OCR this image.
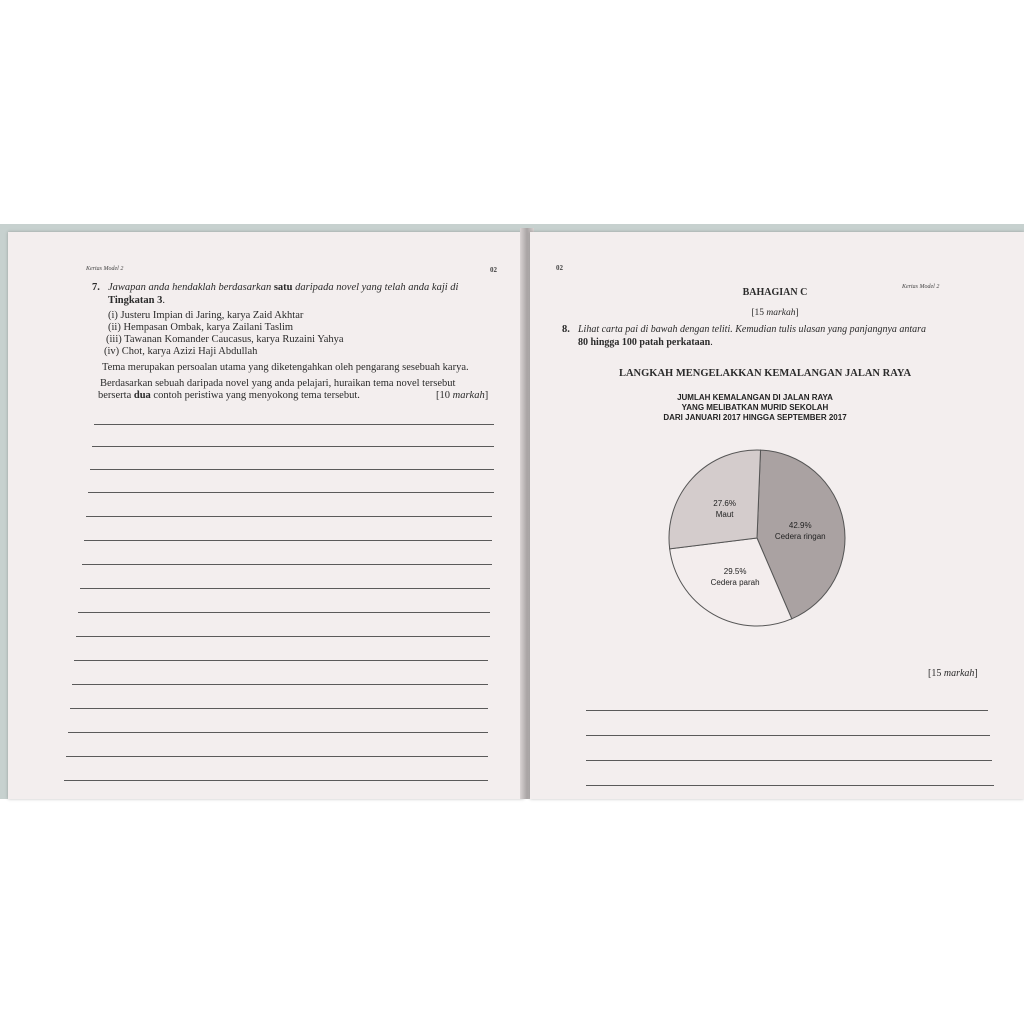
Kertas Model 2	02
7. Jawapan anda hendaklah berdasarkan satu daripada novel yang telah anda kaji di
Tingkatan 3.
(i) Justeru Impian di Jaring, karya Zaid Akhtar
(ii) Hempasan Ombak, karya Zailani Taslim
(iii) Tawanan Komander Caucasus, karya Ruzaini Yahya
(iv) Chot, karya Azizi Haji Abdullah
Tema merupakan persoalan utama yang diketengahkan oleh pengarang sesebuah karya.
Berdasarkan sebuah daripada novel yang anda pelajari, huraikan tema novel tersebut
berserta dua contoh peristiwa yang menyokong tema tersebut.	[10 markah]
02
Kertas Model 2
BAHAGIAN C
[15 markah]
8. Lihat carta pai di bawah dengan teliti. Kemudian tulis ulasan yang panjangnya antara
80 hingga 100 patah perkataan.
LANGKAH MENGELAKKAN KEMALANGAN JALAN RAYA
JUMLAH KEMALANGAN DI JALAN RAYA
YANG MELIBATKAN MURID SEKOLAH
DARI JANUARI 2017 HINGGA SEPTEMBER 2017
42.9%
Cedera ringan
29.5%
Cedera parah
27.6%
Maut
[15 markah]
